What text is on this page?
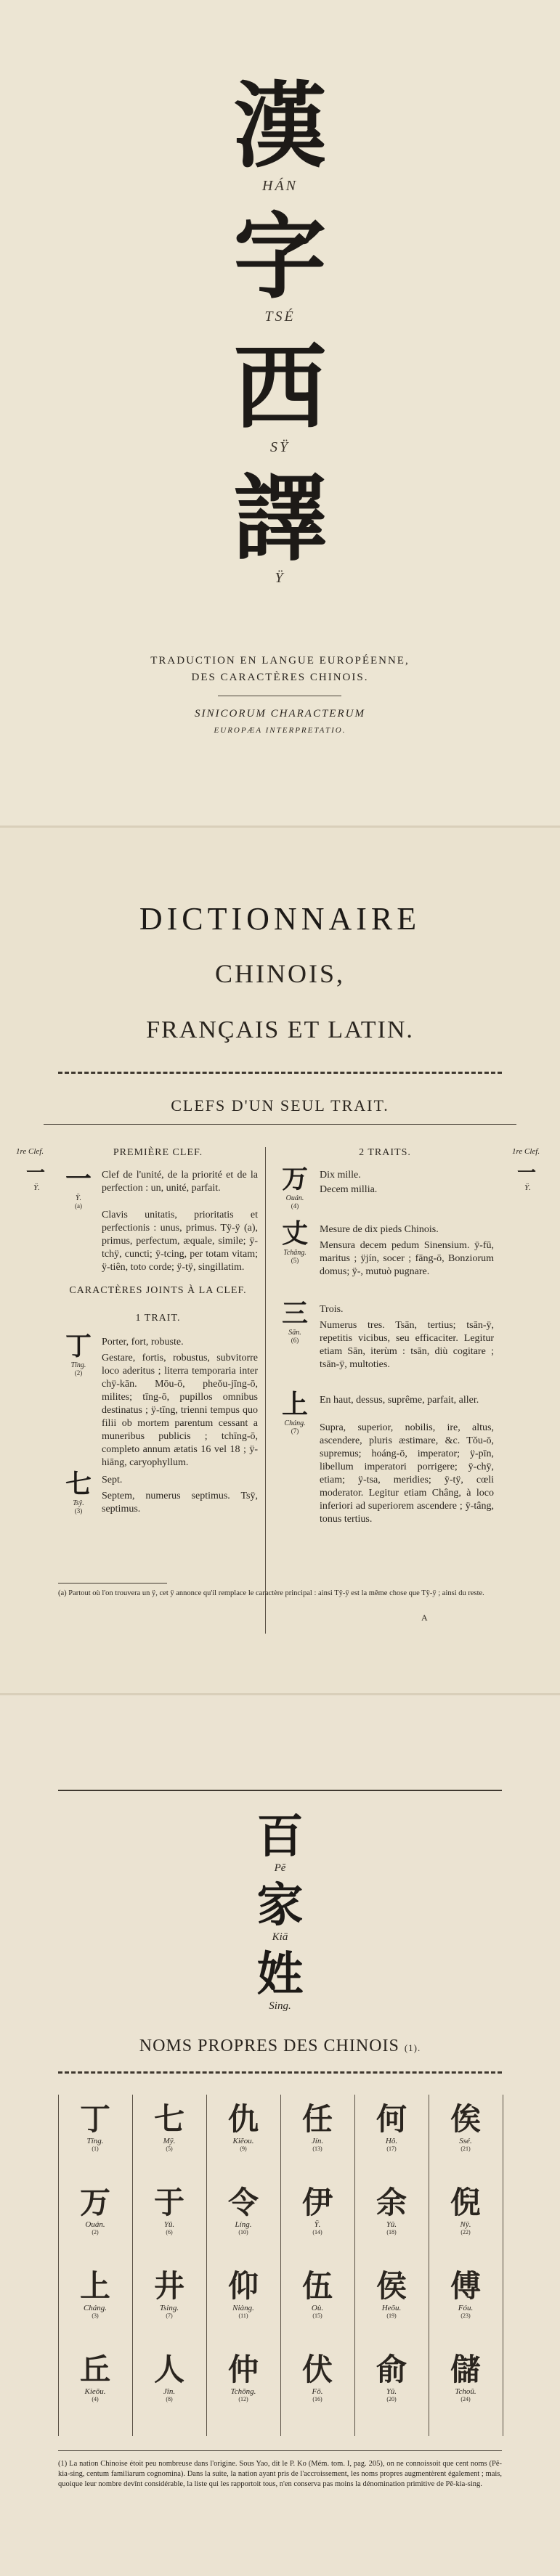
漢
HÁN
字
TSÉ
西
SŸ
譯
Ÿ
TRADUCTION EN LANGUE EUROPÉENNE,
DES CARACTÈRES CHINOIS.
SINICORUM CHARACTERUM
EUROPÆA INTERPRETATIO.
DICTIONNAIRE
CHINOIS,
FRANÇAIS ET LATIN.
CLEFS D'UN SEUL TRAIT.
1re Clef.
一
Ÿ.
1re Clef.
一
Ÿ.
PREMIÈRE CLEF.
一
Ÿ.
(a)
Clef de l'unité, de la priorité et de la perfection : un, unité, parfait.
Clavis unitatis, prioritatis et perfectionis : unus, primus. Tÿ-ÿ (a), primus, perfectum, æquale, simile; ÿ-tchÿ, cuncti; ÿ-tcing, per totam vitam; ÿ-tiên, toto corde; ÿ-tÿ, singillatim.
CARACTÈRES JOINTS À LA CLEF.
1 TRAIT.
丁
Tīng.
(2)
Porter, fort, robuste.
Gestare, fortis, robustus, subvitorre loco aderitus ; literra temporaria inter chÿ-kān. Mōu-ō, pheŏu-jīng-ō, milites; tīng-ō, pupillos omnibus destinatus ; ÿ-tīng, trienni tempus quo filii ob mortem parentum cessant a muneribus publicis ; tchīng-ō, completo annum ætatis 16 vel 18 ; ÿ-hiāng, caryophyllum.
七
Tsÿ.
(3)
Sept.
Septem, numerus septimus. Tsÿ, septimus.
2 TRAITS.
万
Ouán.
(4)
Dix mille.
Decem millia.
丈
Tchāng.
(5)
Mesure de dix pieds Chinois.
Mensura decem pedum Sinensium. ÿ-fū, maritus ; ÿjín, socer ; fāng-ō, Bonziorum domus; ÿ-, mutuò pugnare.
三
Sān.
(6)
Trois.
Numerus tres. Tsān, tertius; tsān-ÿ, repetitis vicibus, seu efficaciter. Legitur etiam Sān, iterùm : tsān, diù cogitare ; tsān-ÿ, multoties.
上
Cháng.
(7)
En haut, dessus, suprême, parfait, aller.
Supra, superior, nobilis, ire, altus, ascendere, pluris æstimare, &c. Tŏu-ō, supremus; hoáng-ō, imperator; ÿ-pīn, libellum imperatori porrigere; ÿ-chÿ, etiam; ÿ-tsa, meridies; ÿ-tÿ, cœli moderator. Legitur etiam Châng, à loco inferiori ad superiorem ascendere ; ÿ-tâng, tonus tertius.
(a) Partout où l'on trouvera un ÿ, cet ÿ annonce qu'il remplace le caractère principal : ainsi Tÿ-ÿ est la même chose que Tÿ-ÿ ; ainsi du reste.
A
百
Pĕ
家
Kiā
姓
Sing.
NOMS PROPRES DES CHINOIS (1).
丁
Tīng.
(1)
七
Mÿ.
(5)
仇
Kiĕou.
(9)
任
Jín.
(13)
何
Hô.
(17)
俟
Ssé.
(21)
万
Ouán.
(2)
于
Yū.
(6)
令
Líng.
(10)
伊
Ÿ.
(14)
余
Yû.
(18)
倪
Nÿ.
(22)
上
Cháng.
(3)
井
Tsing.
(7)
仰
Niàng.
(11)
伍
Où.
(15)
侯
Heŏu.
(19)
傅
Fóu.
(23)
丘
Kieōu.
(4)
人
Jîn.
(8)
仲
Tchōng.
(12)
伏
Fŏ.
(16)
俞
Yû.
(20)
儲
Tchoû.
(24)
(1) La nation Chinoise étoit peu nombreuse dans l'origine. Sous Yao, dit le P. Ko (Mém. tom. I, pag. 205), on ne connoissoit que cent noms (Pĕ-kia-sing, centum familiarum cognomina). Dans la suite, la nation ayant pris de l'accroissement, les noms propres augmentèrent également ; mais, quoique leur nombre devînt considérable, la liste qui les rapportoit tous, n'en conserva pas moins la dénomination primitive de Pĕ-kia-sing.
